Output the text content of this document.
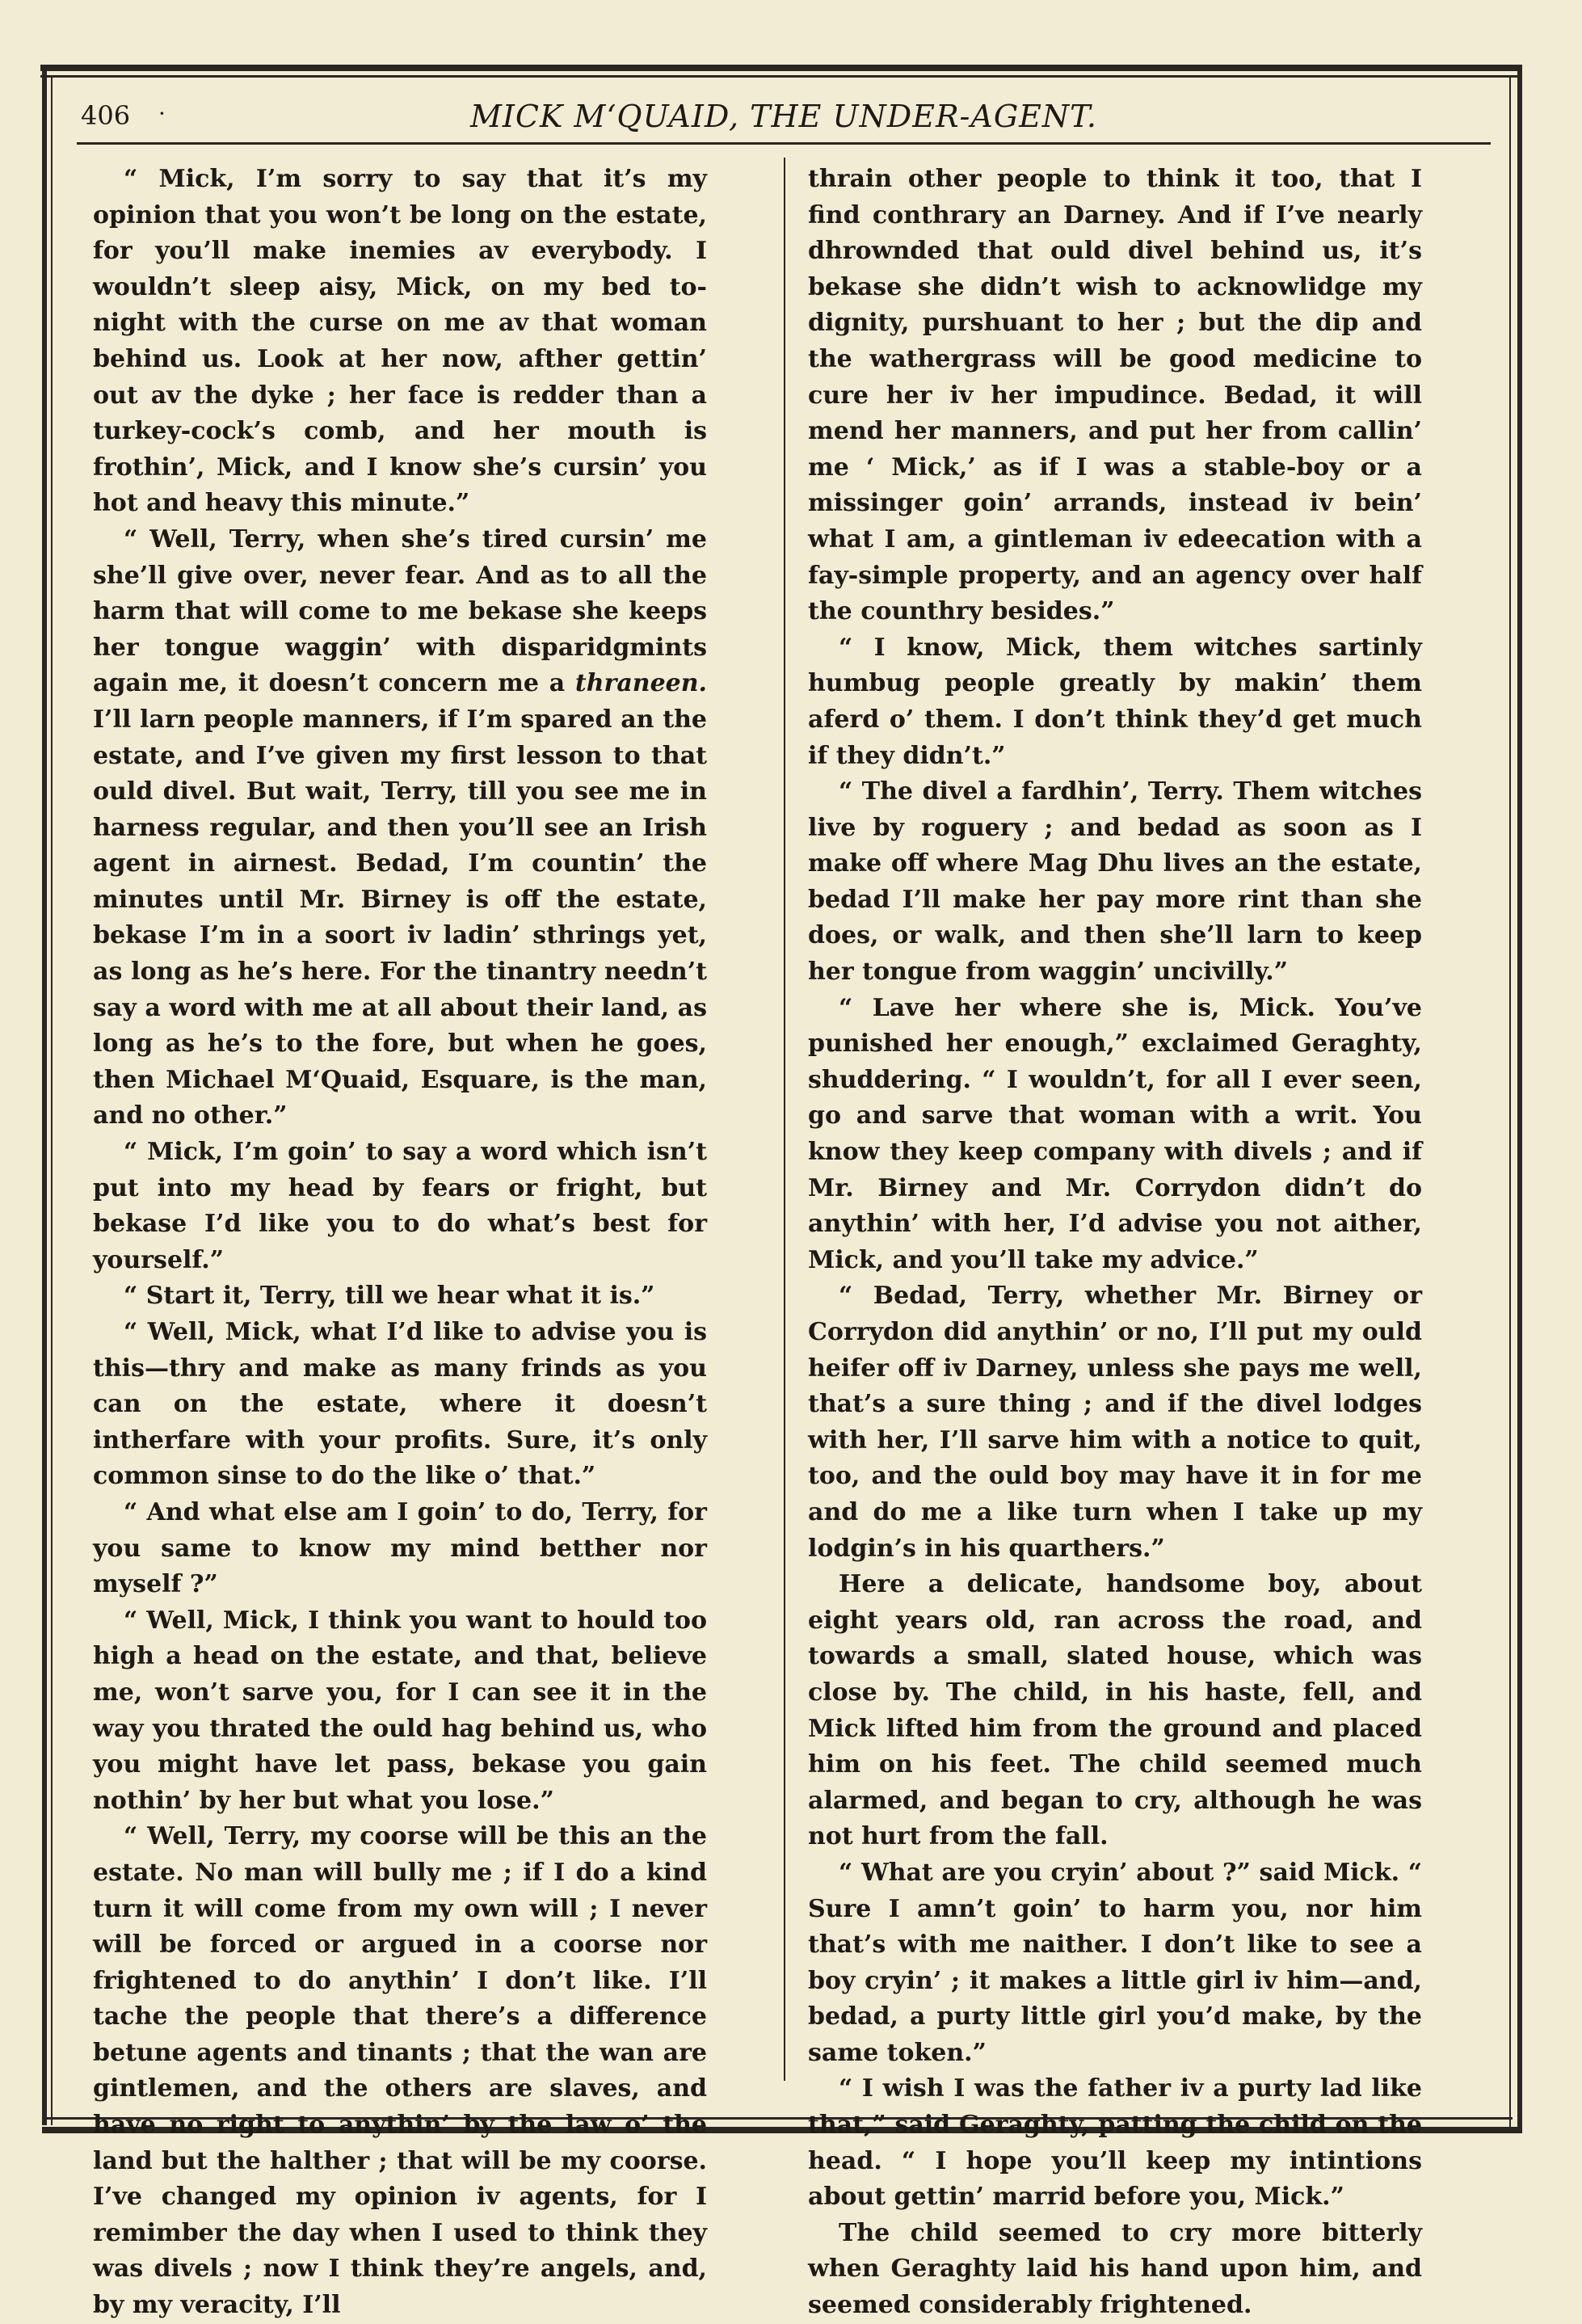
406 ·	MICK M‘QUAID, THE UNDER-AGENT.

“ Mick, I’m sorry to say that it’s my opinion that you won’t be long on the estate, for you’ll make inemies av everybody. I wouldn’t sleep aisy, Mick, on my bed to-night with the curse on me av that woman behind us. Look at her now, afther gettin’ out av the dyke ; her face is redder than a turkey-cock’s comb, and her mouth is frothin’, Mick, and I know she’s cursin’ you hot and heavy this minute.”

“ Well, Terry, when she’s tired cursin’ me she’ll give over, never fear. And as to all the harm that will come to me bekase she keeps her tongue waggin’ with disparidgmints again me, it doesn’t concern me a thraneen. I’ll larn people manners, if I’m spared an the estate, and I’ve given my first lesson to that ould divel. But wait, Terry, till you see me in harness regular, and then you’ll see an Irish agent in airnest. Bedad, I’m countin’ the minutes until Mr. Birney is off the estate, bekase I’m in a soort iv ladin’ sthrings yet, as long as he’s here. For the tinantry needn’t say a word with me at all about their land, as long as he’s to the fore, but when he goes, then Michael M‘Quaid, Esquare, is the man, and no other.”

“ Mick, I’m goin’ to say a word which isn’t put into my head by fears or fright, but bekase I’d like you to do what’s best for yourself.”

“ Start it, Terry, till we hear what it is.”

“ Well, Mick, what I’d like to advise you is this—thry and make as many frinds as you can on the estate, where it doesn’t intherfare with your profits. Sure, it’s only common sinse to do the like o’ that.”

“ And what else am I goin’ to do, Terry, for you same to know my mind betther nor myself ?”

“ Well, Mick, I think you want to hould too high a head on the estate, and that, believe me, won’t sarve you, for I can see it in the way you thrated the ould hag behind us, who you might have let pass, bekase you gain nothin’ by her but what you lose.”

“ Well, Terry, my coorse will be this an the estate. No man will bully me ; if I do a kind turn it will come from my own will ; I never will be forced or argued in a coorse nor frightened to do anythin’ I don’t like. I’ll tache the people that there’s a difference betune agents and tinants ; that the wan are gintlemen, and the others are slaves, and have no right to anythin’ by the law o’ the land but the halther ; that will be my coorse. I’ve changed my opinion iv agents, for I remimber the day when I used to think they was divels ; now I think they’re angels, and, by my veracity, I’ll

thrain other people to think it too, that I find conthrary an Darney. And if I’ve nearly dhrownded that ould divel behind us, it’s bekase she didn’t wish to acknowlidge my dignity, purshuant to her ; but the dip and the wathergrass will be good medicine to cure her iv her impudince. Bedad, it will mend her manners, and put her from callin’ me ‘ Mick,’ as if I was a stable-boy or a missinger goin’ arrands, instead iv bein’ what I am, a gintleman iv edeecation with a fay-simple property, and an agency over half the counthry besides.”

“ I know, Mick, them witches sartinly humbug people greatly by makin’ them aferd o’ them. I don’t think they’d get much if they didn’t.”

“ The divel a fardhin’, Terry. Them witches live by roguery ; and bedad as soon as I make off where Mag Dhu lives an the estate, bedad I’ll make her pay more rint than she does, or walk, and then she’ll larn to keep her tongue from waggin’ uncivilly.”

“ Lave her where she is, Mick. You’ve punished her enough,” exclaimed Geraghty, shuddering. “ I wouldn’t, for all I ever seen, go and sarve that woman with a writ. You know they keep company with divels ; and if Mr. Birney and Mr. Corrydon didn’t do anythin’ with her, I’d advise you not aither, Mick, and you’ll take my advice.”

“ Bedad, Terry, whether Mr. Birney or Corrydon did anythin’ or no, I’ll put my ould heifer off iv Darney, unless she pays me well, that’s a sure thing ; and if the divel lodges with her, I’ll sarve him with a notice to quit, too, and the ould boy may have it in for me and do me a like turn when I take up my lodgin’s in his quarthers.”

Here a delicate, handsome boy, about eight years old, ran across the road, and towards a small, slated house, which was close by. The child, in his haste, fell, and Mick lifted him from the ground and placed him on his feet. The child seemed much alarmed, and began to cry, although he was not hurt from the fall.

“ What are you cryin’ about ?” said Mick. “ Sure I amn’t goin’ to harm you, nor him that’s with me naither. I don’t like to see a boy cryin’ ; it makes a little girl iv him—and, bedad, a purty little girl you’d make, by the same token.”

“ I wish I was the father iv a purty lad like that,” said Geraghty, patting the child on the head. “ I hope you’ll keep my intintions about gettin’ marrid before you, Mick.”

The child seemed to cry more bitterly when Geraghty laid his hand upon him, and seemed considerably frightened.
